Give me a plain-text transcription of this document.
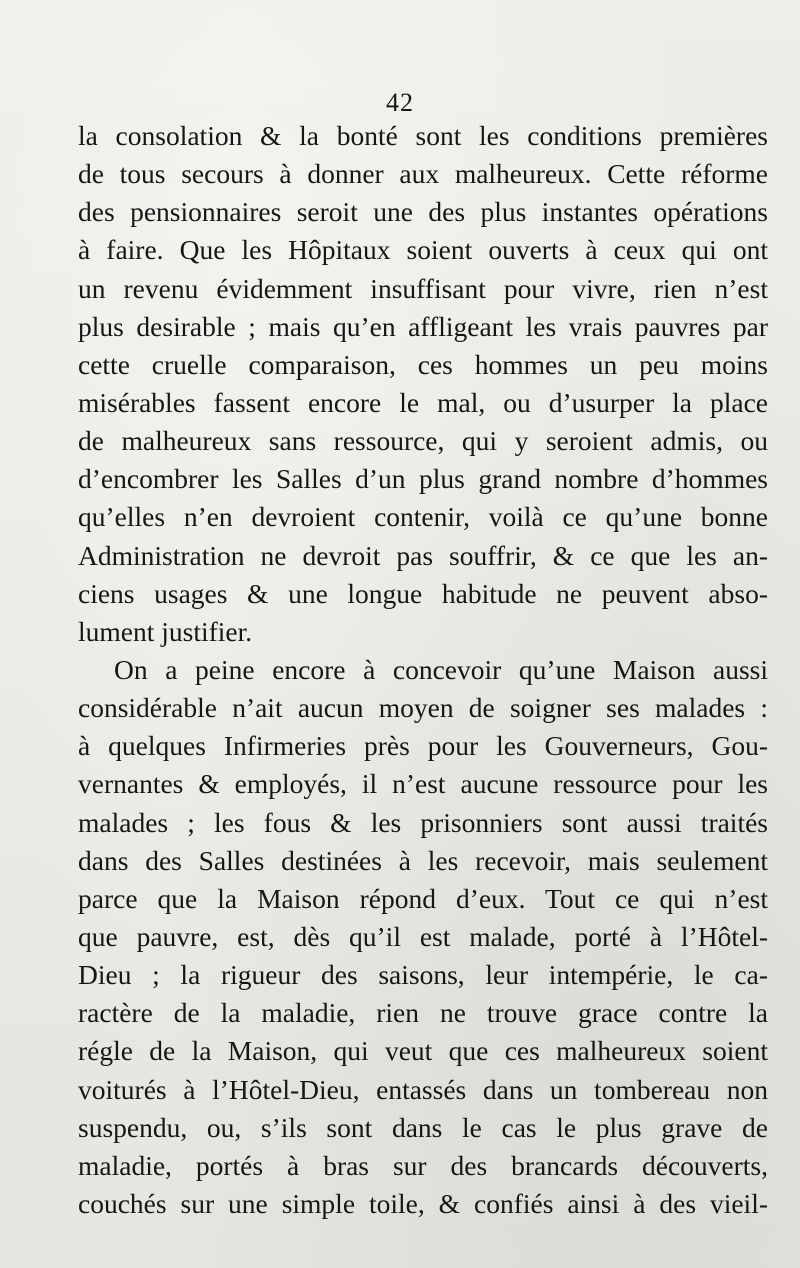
42
la consolation & la bonté sont les conditions premières
de tous secours à donner aux malheureux. Cette réforme
des pensionnaires seroit une des plus instantes opérations
à faire. Que les Hôpitaux soient ouverts à ceux qui ont
un revenu évidemment insuffisant pour vivre, rien n’est
plus desirable ; mais qu’en affligeant les vrais pauvres par
cette cruelle comparaison, ces hommes un peu moins
misérables fassent encore le mal, ou d’usurper la place
de malheureux sans ressource, qui y seroient admis, ou
d’encombrer les Salles d’un plus grand nombre d’hommes
qu’elles n’en devroient contenir, voilà ce qu’une bonne
Administration ne devroit pas souffrir, & ce que les an-
ciens usages & une longue habitude ne peuvent abso-
lument justifier.
On a peine encore à concevoir qu’une Maison aussi
considérable n’ait aucun moyen de soigner ses malades :
à quelques Infirmeries près pour les Gouverneurs, Gou-
vernantes & employés, il n’est aucune ressource pour les
malades ; les fous & les prisonniers sont aussi traités
dans des Salles destinées à les recevoir, mais seulement
parce que la Maison répond d’eux. Tout ce qui n’est
que pauvre, est, dès qu’il est malade, porté à l’Hôtel-
Dieu ; la rigueur des saisons, leur intempérie, le ca-
ractère de la maladie, rien ne trouve grace contre la
régle de la Maison, qui veut que ces malheureux soient
voiturés à l’Hôtel-Dieu, entassés dans un tombereau non
suspendu, ou, s’ils sont dans le cas le plus grave de
maladie, portés à bras sur des brancards découverts,
couchés sur une simple toile, & confiés ainsi à des vieil-
